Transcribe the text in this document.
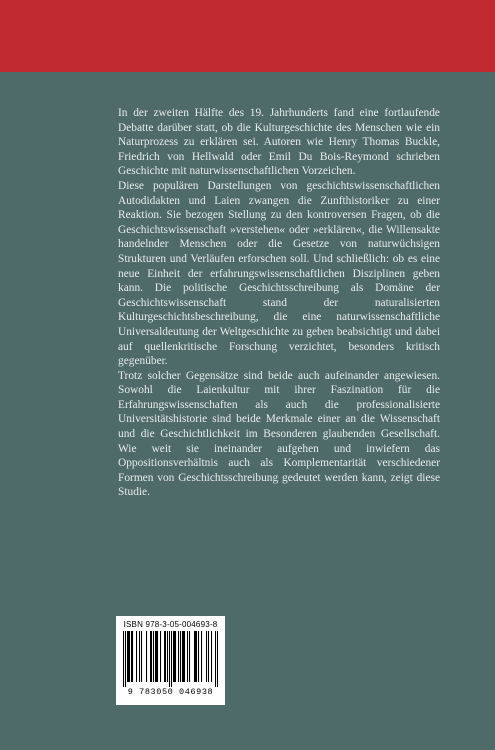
In der zweiten Hälfte des 19. Jahrhunderts fand eine fortlaufende Debatte darüber statt, ob die Kulturgeschichte des Menschen wie ein Naturprozess zu erklären sei. Autoren wie Henry Thomas Buckle, Friedrich von Hellwald oder Emil Du Bois-Reymond schrieben Geschichte mit naturwissenschaftlichen Vorzeichen.

Diese populären Darstellungen von geschichtswissenschaftlichen Autodidakten und Laien zwangen die Zunfthistoriker zu einer Reaktion. Sie bezogen Stellung zu den kontroversen Fragen, ob die Geschichtswissenschaft »verstehen« oder »erklären«, die Willensakte handelnder Menschen oder die Gesetze von naturwüchsigen Strukturen und Verläufen erforschen soll. Und schließlich: ob es eine neue Einheit der erfahrungswissenschaftlichen Disziplinen geben kann. Die politische Geschichtsschreibung als Domäne der Geschichtswissenschaft stand der naturalisierten Kulturgeschichtsbeschreibung, die eine naturwissenschaftliche Universaldeutung der Weltgeschichte zu geben beabsichtigt und dabei auf quellenkritische Forschung verzichtet, besonders kritisch gegenüber.

Trotz solcher Gegensätze sind beide auch aufeinander angewiesen. Sowohl die Laienkultur mit ihrer Faszination für die Erfahrungswissenschaften als auch die professionalisierte Universitätshistorie sind beide Merkmale einer an die Wissenschaft und die Geschichtlichkeit im Besonderen glaubenden Gesellschaft. Wie weit sie ineinander aufgehen und inwiefern das Oppositionsverhältnis auch als Komplementarität verschiedener Formen von Geschichtsschreibung gedeutet werden kann, zeigt diese Studie.

ISBN 978-3-05-004693-8
9 783050 046938
